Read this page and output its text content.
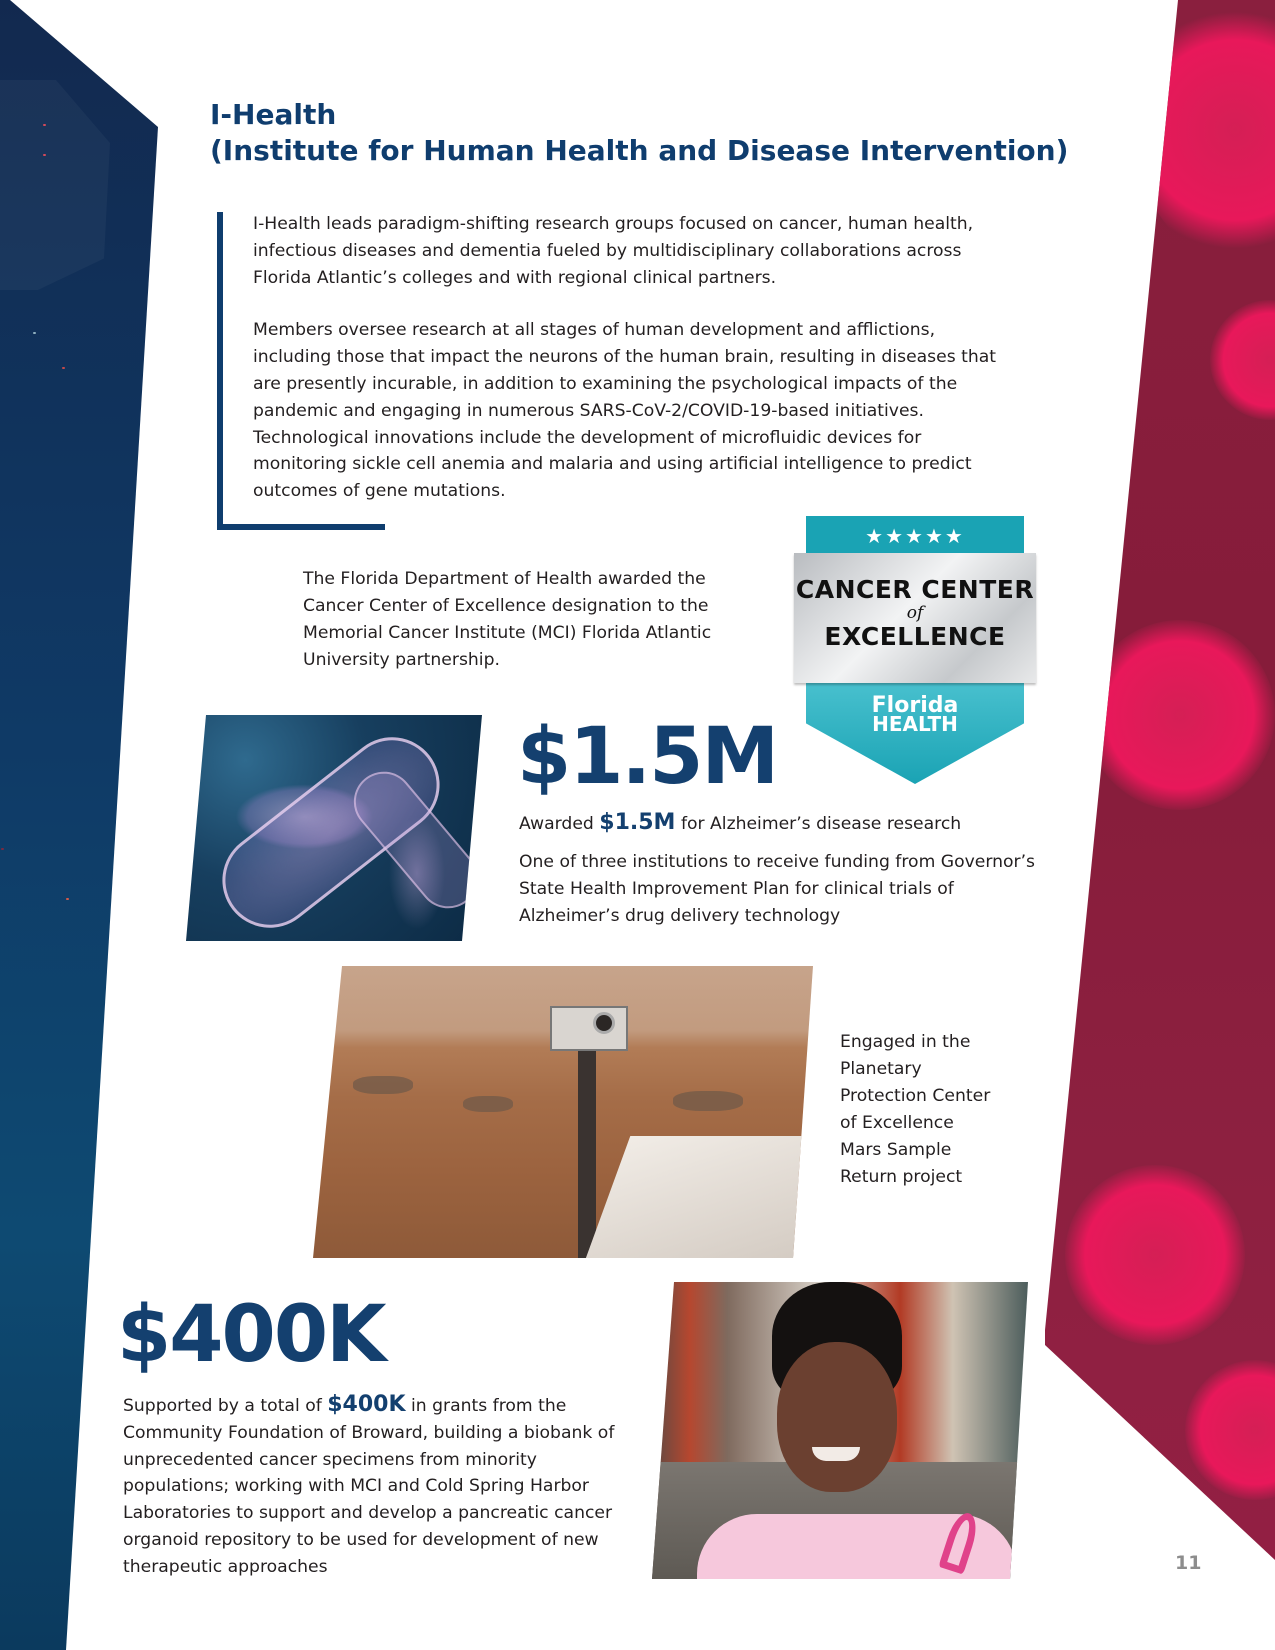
I-Health
(Institute for Human Health and Disease Intervention)

I-Health leads paradigm-shifting research groups focused on cancer, human health, infectious diseases and dementia fueled by multidisciplinary collaborations across Florida Atlantic’s colleges and with regional clinical partners.

Members oversee research at all stages of human development and afflictions, including those that impact the neurons of the human brain, resulting in diseases that are presently incurable, in addition to examining the psychological impacts of the pandemic and engaging in numerous SARS-CoV-2/COVID-19-based initiatives. Technological innovations include the development of microfluidic devices for monitoring sickle cell anemia and malaria and using artificial intelligence to predict outcomes of gene mutations.

The Florida Department of Health awarded the Cancer Center of Excellence designation to the Memorial Cancer Institute (MCI) Florida Atlantic University partnership.
★★★★★
CANCER CENTER
of
EXCELLENCE
Florida
HEALTH
$1.5M
Awarded $1.5M for Alzheimer’s disease research
One of three institutions to receive funding from Governor’s State Health Improvement Plan for clinical trials of Alzheimer’s drug delivery technology
Engaged in the Planetary Protection Center of Excellence Mars Sample Return project
$400K
Supported by a total of $400K in grants from the Community Foundation of Broward, building a biobank of unprecedented cancer specimens from minority populations; working with MCI and Cold Spring Harbor Laboratories to support and develop a pancreatic cancer organoid repository to be used for development of new therapeutic approaches	11
